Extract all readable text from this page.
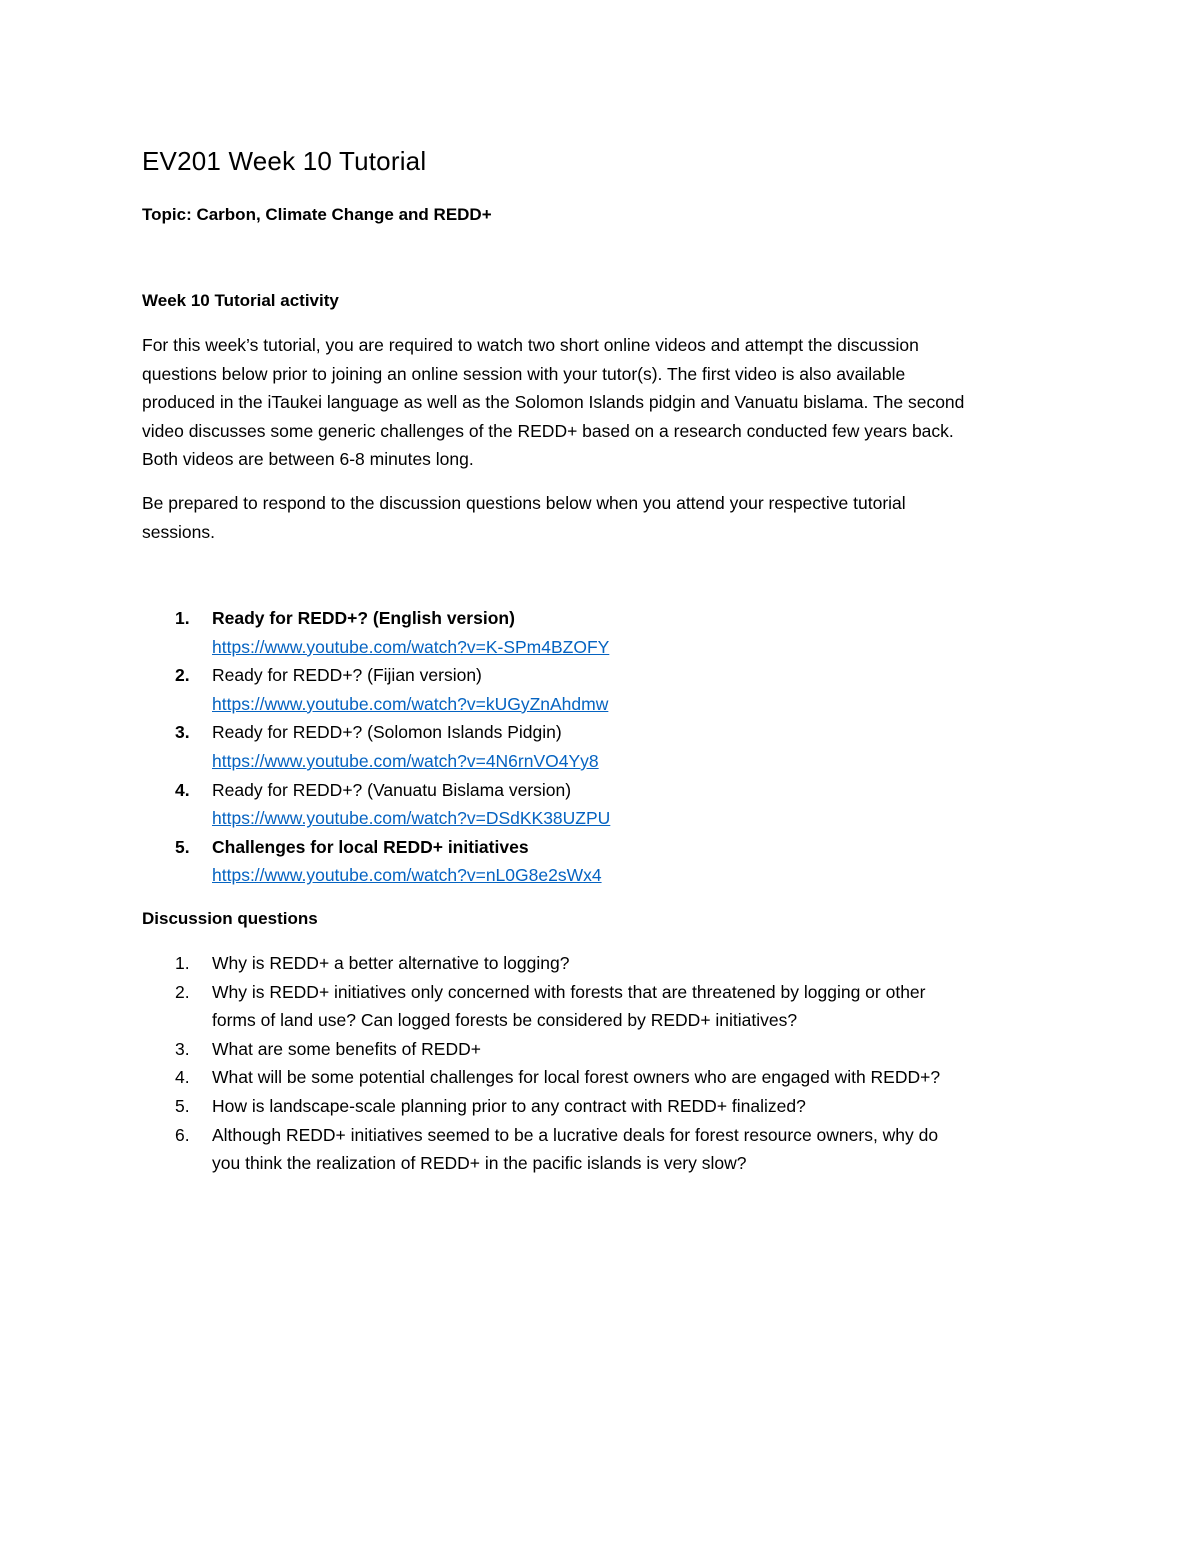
EV201 Week 10 Tutorial

Topic: Carbon, Climate Change and REDD+

Week 10 Tutorial activity

For this week’s tutorial, you are required to watch two short online videos and attempt the discussion
questions below prior to joining an online session with your tutor(s). The first video is also available
produced in the iTaukei language as well as the Solomon Islands pidgin and Vanuatu bislama. The second
video discusses some generic challenges of the REDD+ based on a research conducted few years back.
Both videos are between 6-8 minutes long.
Be prepared to respond to the discussion questions below when you attend your respective tutorial
sessions.
1. Ready for REDD+? (English version)
https://www.youtube.com/watch?v=K-SPm4BZOFY
2. Ready for REDD+? (Fijian version)
https://www.youtube.com/watch?v=kUGyZnAhdmw
3. Ready for REDD+? (Solomon Islands Pidgin)
https://www.youtube.com/watch?v=4N6rnVO4Yy8
4. Ready for REDD+? (Vanuatu Bislama version)
https://www.youtube.com/watch?v=DSdKK38UZPU
5. Challenges for local REDD+ initiatives
https://www.youtube.com/watch?v=nL0G8e2sWx4

Discussion questions

1. Why is REDD+ a better alternative to logging?
2. Why is REDD+ initiatives only concerned with forests that are threatened by logging or other
forms of land use? Can logged forests be considered by REDD+ initiatives?
3. What are some benefits of REDD+
4. What will be some potential challenges for local forest owners who are engaged with REDD+?
5. How is landscape-scale planning prior to any contract with REDD+ finalized?
6. Although REDD+ initiatives seemed to be a lucrative deals for forest resource owners, why do
you think the realization of REDD+ in the pacific islands is very slow?
